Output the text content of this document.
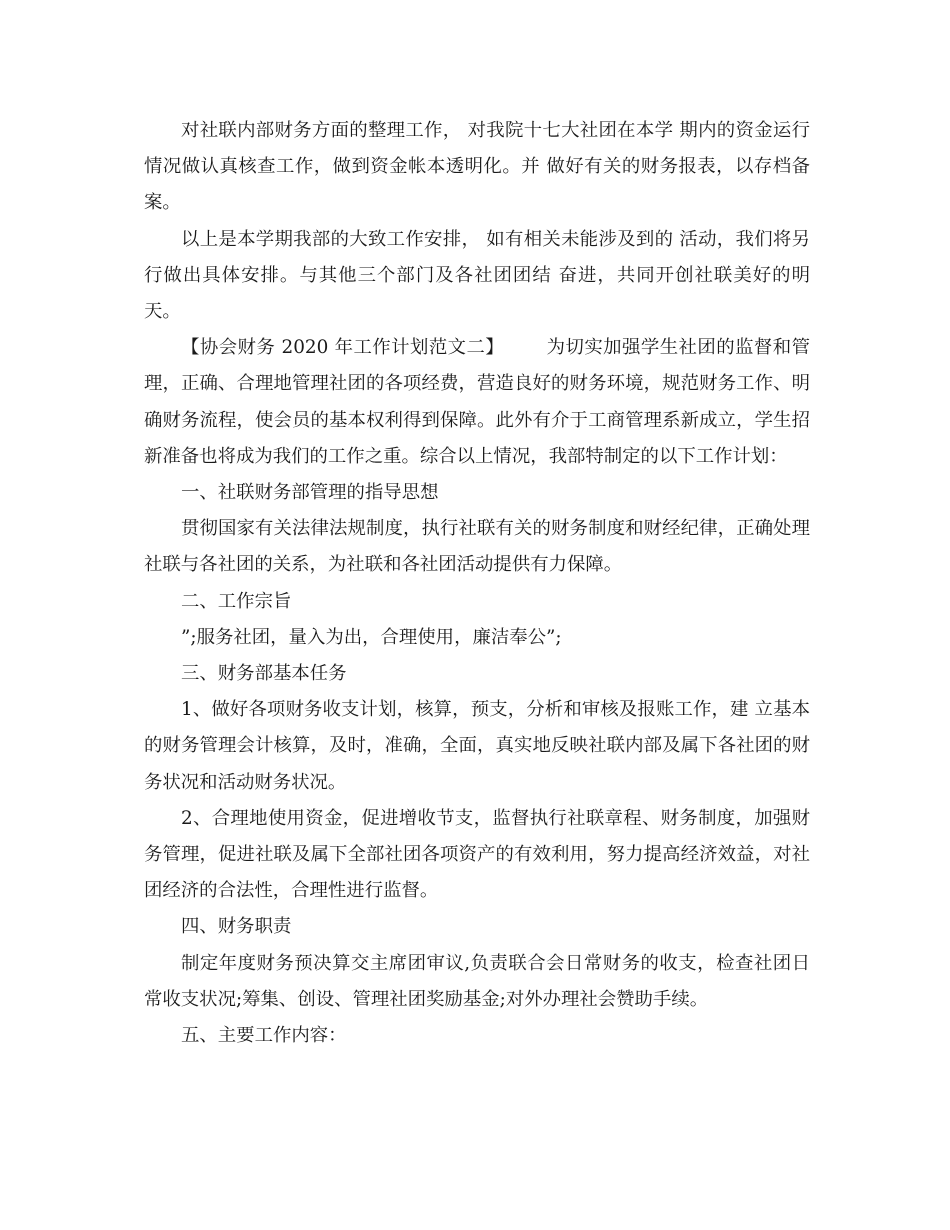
对社联内部财务方面的整理工作， 对我院十七大社团在本学 期内的资金运行情况做认真核查工作，做到资金帐本透明化。并 做好有关的财务报表，以存档备案。

以上是本学期我部的大致工作安排， 如有相关未能涉及到的 活动，我们将另行做出具体安排。与其他三个部门及各社团团结 奋进，共同开创社联美好的明天。

【协会财务 2020 年工作计划范文二】 为切实加强学生社团的监督和管理，正确、合理地管理社团的各项经费，营造良好的财务环境，规范财务工作、明确财务流程，使会员的基本权利得到保障。此外有介于工商管理系新成立，学生招新准备也将成为我们的工作之重。综合以上情况，我部特制定的以下工作计划：

一、社联财务部管理的指导思想

贯彻国家有关法律法规制度，执行社联有关的财务制度和财经纪律，正确处理社联与各社团的关系，为社联和各社团活动提供有力保障。

二、工作宗旨

”;服务社团，量入为出，合理使用，廉洁奉公”;

三、财务部基本任务

1、做好各项财务收支计划，核算，预支，分析和审核及报账工作，建 立基本的财务管理会计核算，及时，准确，全面，真实地反映社联内部及属下各社团的财务状况和活动财务状况。

2、合理地使用资金，促进增收节支，监督执行社联章程、财务制度，加强财务管理，促进社联及属下全部社团各项资产的有效利用，努力提高经济效益，对社团经济的合法性，合理性进行监督。

四、财务职责

制定年度财务预决算交主席团审议,负责联合会日常财务的收支，检查社团日常收支状况;筹集、创设、管理社团奖励基金;对外办理社会赞助手续。

五、主要工作内容：
